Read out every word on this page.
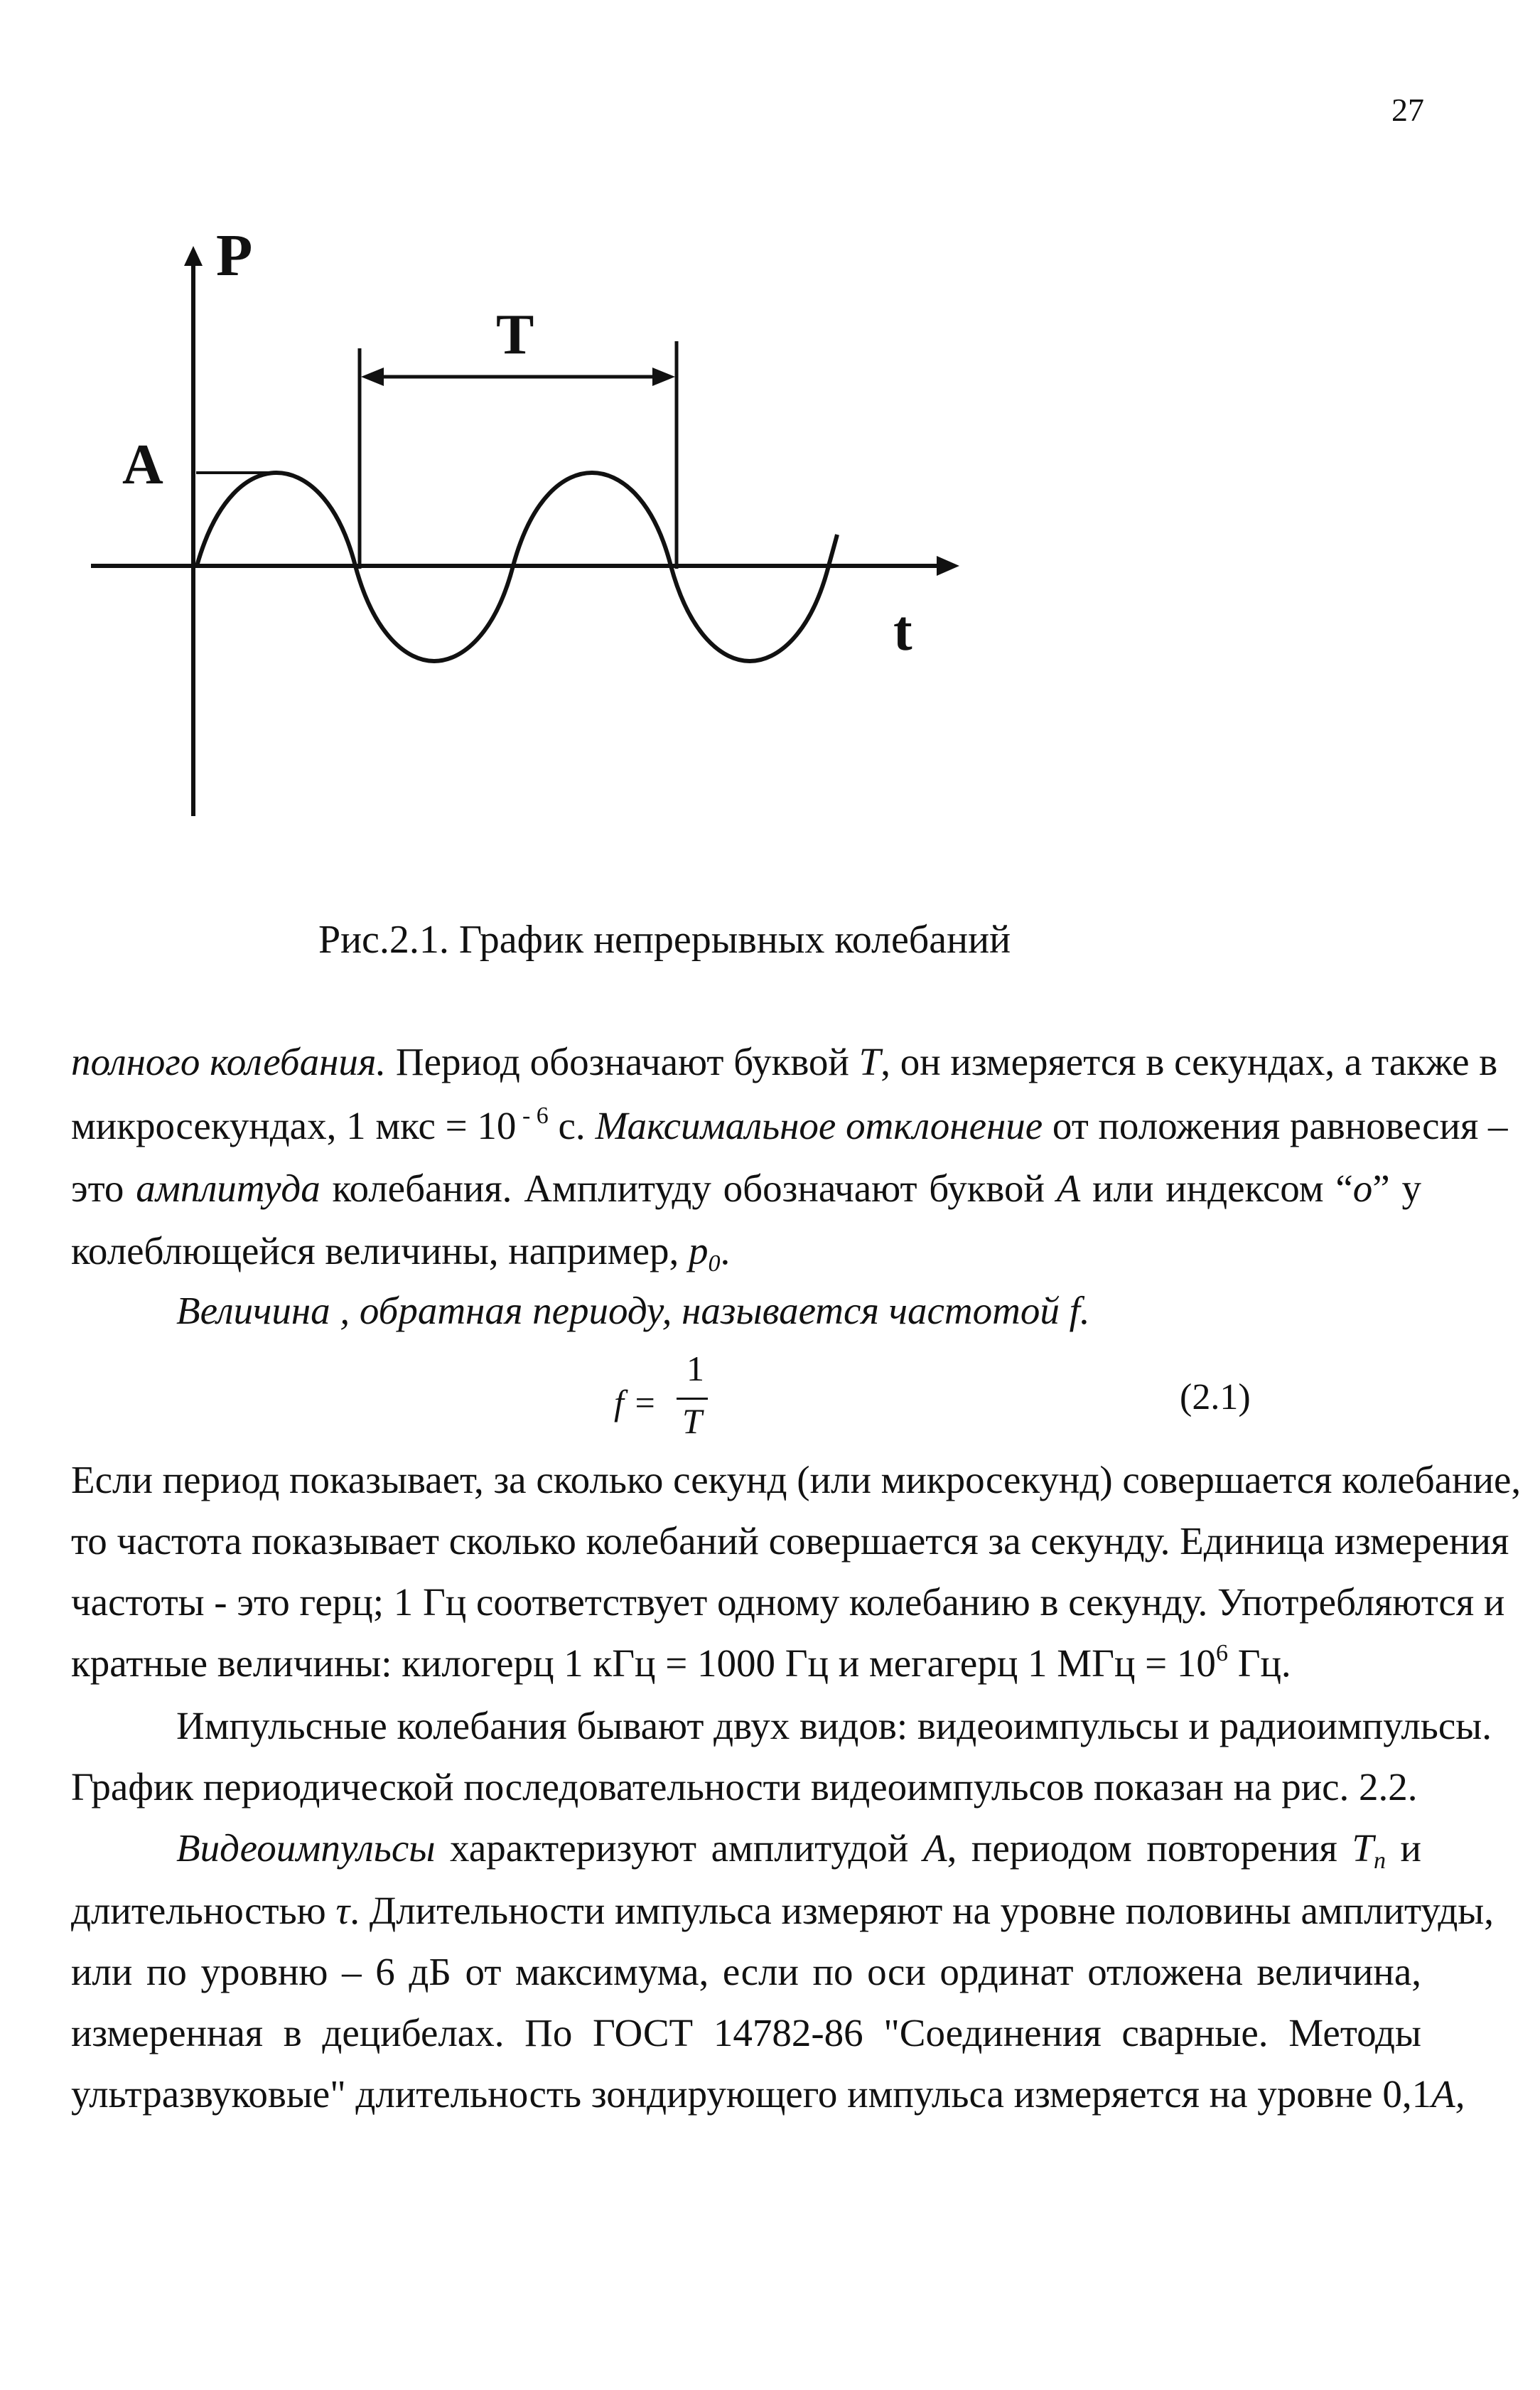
27
P
T
A
t
Рис.2.1. График непрерывных колебаний
полного колебания. Период обозначают буквой T, он измеряется в секундах, а также в
микросекундах, 1 мкс = 10 $^{- 6}$ с. Максимальное отклонение от положения равновесия –
это амплитуда колебания. Амплитуду обозначают буквой A или индексом “o” у
колеблющейся величины, например, $p_0$.
Величина , обратная периоду, называется частотой f.
Если период показывает, за сколько секунд (или микросекунд) совершается колебание,
то частота показывает сколько колебаний совершается за секунду. Единица измерения
частоты - это герц; 1 Гц соответствует одному колебанию в секунду. Употребляются и
кратные величины: килогерц 1 кГц = 1000 Гц и мегагерц 1 МГц = $10^6$ Гц.
Импульсные колебания бывают двух видов: видеоимпульсы и радиоимпульсы.
График периодической последовательности видеоимпульсов показан на рис. 2.2.
Видеоимпульсы характеризуют амплитудой A, периодом повторения $T_п$ и
длительностью τ. Длительности импульса измеряют на уровне половины амплитуды,
или по уровню – 6 дБ от максимума, если по оси ординат отложена величина,
измеренная в децибелах. По ГОСТ 14782-86 "Соединения сварные. Методы
ультразвуковые" длительность зондирующего импульса измеряется на уровне 0,1A,
f =
1
T
(2.1)
